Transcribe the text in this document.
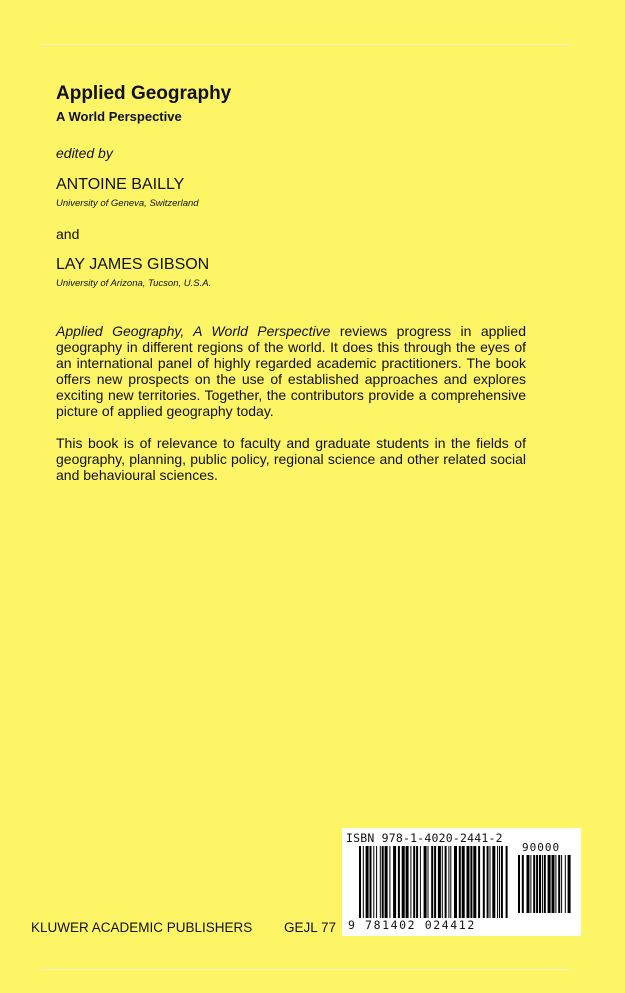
Applied Geography
A World Perspective
edited by
ANTOINE BAILLY
University of Geneva, Switzerland
and
LAY JAMES GIBSON
University of Arizona, Tucson, U.S.A.

Applied Geography, A World Perspective reviews progress in applied geography in different regions of the world. It does this through the eyes of an international panel of highly regarded academic practitioners. The book offers new prospects on the use of established approaches and explores exciting new territories. Together, the contributors provide a comprehensive picture of applied geography today.

This book is of relevance to faculty and graduate students in the fields of geography, planning, public policy, regional science and other related social and behavioural sciences.

KLUWER ACADEMIC PUBLISHERS GEJL 77
ISBN 978-1-4020-2441-2
90000
9 781402 024412
